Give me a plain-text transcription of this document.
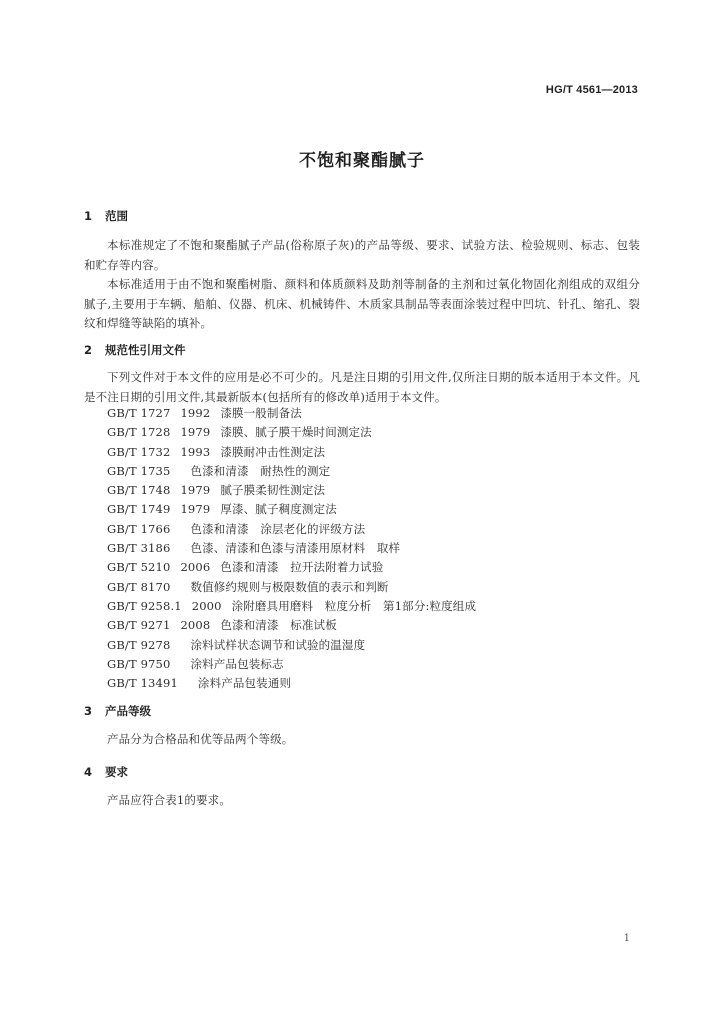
HG/T 4561—2013
不饱和聚酯腻子
1 范围

本标准规定了不饱和聚酯腻子产品(俗称原子灰)的产品等级、要求、试验方法、检验规则、标志、包装和贮存等内容。

本标准适用于由不饱和聚酯树脂、颜料和体质颜料及助剂等制备的主剂和过氧化物固化剂组成的双组分腻子,主要用于车辆、船舶、仪器、机床、机械铸件、木质家具制品等表面涂装过程中凹坑、针孔、缩孔、裂纹和焊缝等缺陷的填补。

2 规范性引用文件

下列文件对于本文件的应用是必不可少的。凡是注日期的引用文件,仅所注日期的版本适用于本文件。凡是不注日期的引用文件,其最新版本(包括所有的修改单)适用于本文件。

GB/T 1727 1992 漆膜一般制备法
GB/T 1728 1979 漆膜、腻子膜干燥时间测定法
GB/T 1732 1993 漆膜耐冲击性测定法
GB/T 1735 色漆和清漆　耐热性的测定
GB/T 1748 1979 腻子膜柔韧性测定法
GB/T 1749 1979 厚漆、腻子稠度测定法
GB/T 1766 色漆和清漆　涂层老化的评级方法
GB/T 3186 色漆、清漆和色漆与清漆用原材料　取样
GB/T 5210 2006 色漆和清漆　拉开法附着力试验
GB/T 8170 数值修约规则与极限数值的表示和判断
GB/T 9258.1 2000 涂附磨具用磨料　粒度分析　第1部分:粒度组成
GB/T 9271 2008 色漆和清漆　标准试板
GB/T 9278 涂料试样状态调节和试验的温湿度
GB/T 9750 涂料产品包装标志
GB/T 13491 涂料产品包装通则
3 产品等级

产品分为合格品和优等品两个等级。

4 要求

产品应符合表1的要求。

1
